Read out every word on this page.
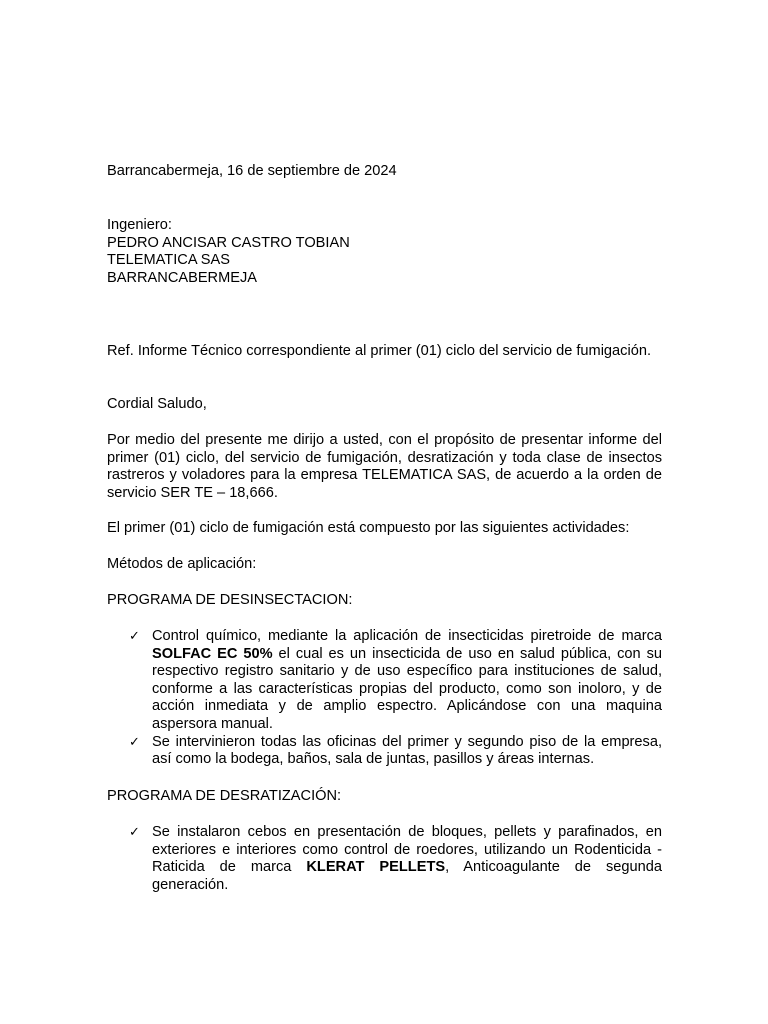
Barrancabermeja, 16 de septiembre de 2024

Ingeniero:
PEDRO ANCISAR CASTRO TOBIAN
TELEMATICA SAS
BARRANCABERMEJA

Ref. Informe Técnico correspondiente al primer (01) ciclo del servicio de fumigación.

Cordial Saludo,

Por medio del presente me dirijo a usted, con el propósito de presentar informe del primer (01) ciclo, del servicio de fumigación, desratización y toda clase de insectos rastreros y voladores para la empresa TELEMATICA SAS, de acuerdo a la orden de servicio SER TE – 18,666.

El primer (01) ciclo de fumigación está compuesto por las siguientes actividades:

Métodos de aplicación:

PROGRAMA DE DESINSECTACION:

✓ Control químico, mediante la aplicación de insecticidas piretroide de marca SOLFAC EC 50% el cual es un insecticida de uso en salud pública, con su respectivo registro sanitario y de uso específico para instituciones de salud, conforme a las características propias del producto, como son inoloro, y de acción inmediata y de amplio espectro. Aplicándose con una maquina aspersora manual.
✓ Se intervinieron todas las oficinas del primer y segundo piso de la empresa, así como la bodega, baños, sala de juntas, pasillos y áreas internas.

PROGRAMA DE DESRATIZACIÓN:

✓ Se instalaron cebos en presentación de bloques, pellets y parafinados, en exteriores e interiores como control de roedores, utilizando un Rodenticida - Raticida de marca KLERAT PELLETS, Anticoagulante de segunda generación.
